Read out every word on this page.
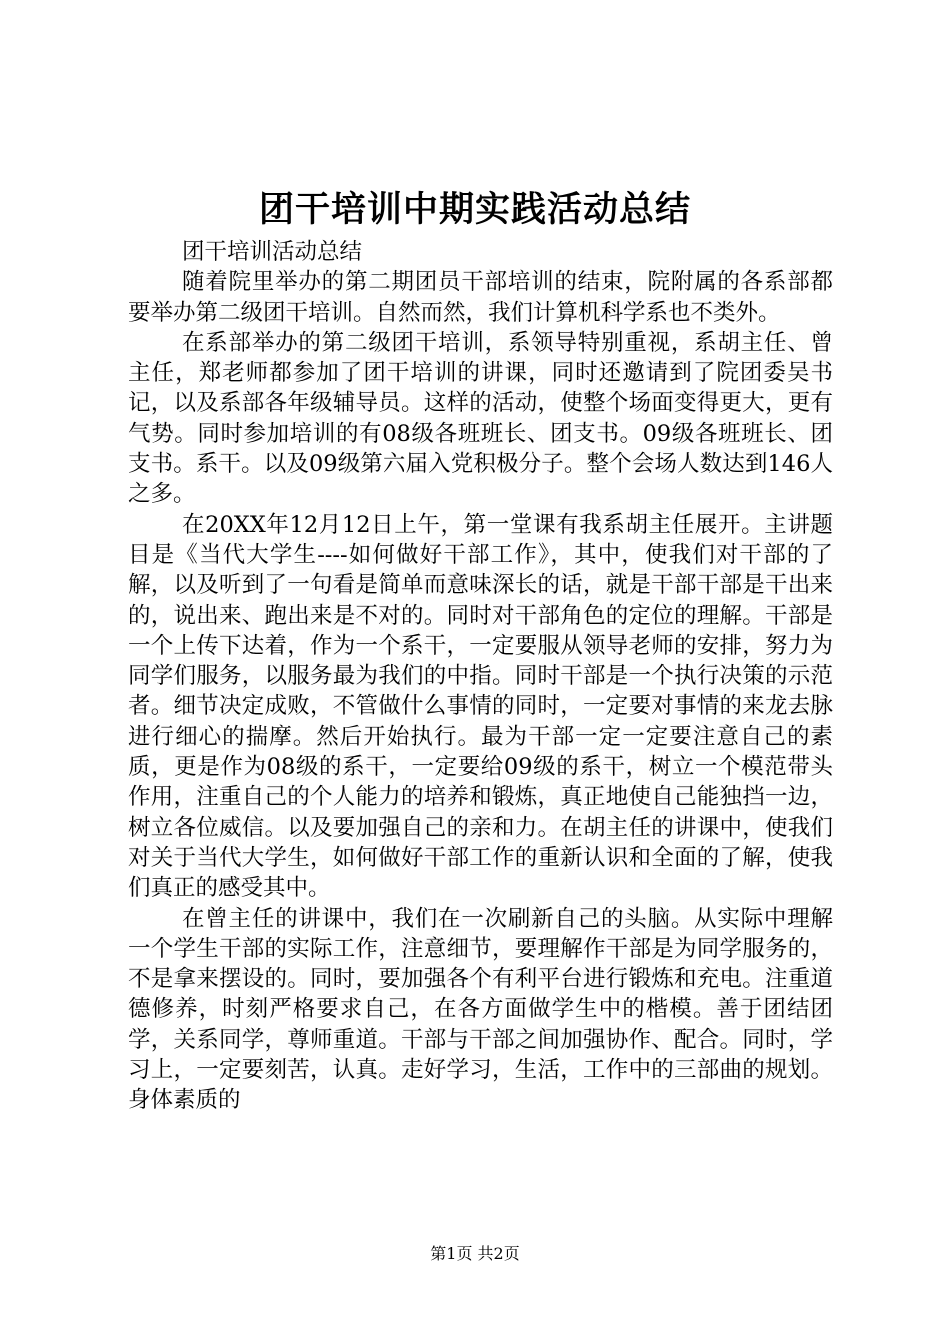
团干培训中期实践活动总结

团干培训活动总结

随着院里举办的第二期团员干部培训的结束，院附属的各系部都要举办第二级团干培训。自然而然，我们计算机科学系也不类外。

在系部举办的第二级团干培训，系领导特别重视，系胡主任、曾主任，郑老师都参加了团干培训的讲课，同时还邀请到了院团委吴书记，以及系部各年级辅导员。这样的活动，使整个场面变得更大，更有气势。同时参加培训的有08级各班班长、团支书。09级各班班长、团支书。系干。以及09级第六届入党积极分子。整个会场人数达到146人之多。

在20XX年12月12日上午，第一堂课有我系胡主任展开。主讲题目是《当代大学生----如何做好干部工作》，其中，使我们对干部的了解，以及听到了一句看是简单而意味深长的话，就是干部干部是干出来的，说出来、跑出来是不对的。同时对干部角色的定位的理解。干部是一个上传下达着，作为一个系干，一定要服从领导老师的安排，努力为同学们服务，以服务最为我们的中指。同时干部是一个执行决策的示范者。细节决定成败，不管做什么事情的同时，一定要对事情的来龙去脉进行细心的揣摩。然后开始执行。最为干部一定一定要注意自己的素质，更是作为08级的系干，一定要给09级的系干，树立一个模范带头作用，注重自己的个人能力的培养和锻炼，真正地使自己能独挡一边，树立各位威信。以及要加强自己的亲和力。在胡主任的讲课中，使我们对关于当代大学生，如何做好干部工作的重新认识和全面的了解，使我们真正的感受其中。

在曾主任的讲课中，我们在一次刷新自己的头脑。从实际中理解一个学生干部的实际工作，注意细节，要理解作干部是为同学服务的，不是拿来摆设的。同时，要加强各个有利平台进行锻炼和充电。注重道德修养，时刻严格要求自己，在各方面做学生中的楷模。善于团结团学，关系同学，尊师重道。干部与干部之间加强协作、配合。同时，学习上，一定要刻苦，认真。走好学习，生活，工作中的三部曲的规划。身体素质的

第1页 共2页
